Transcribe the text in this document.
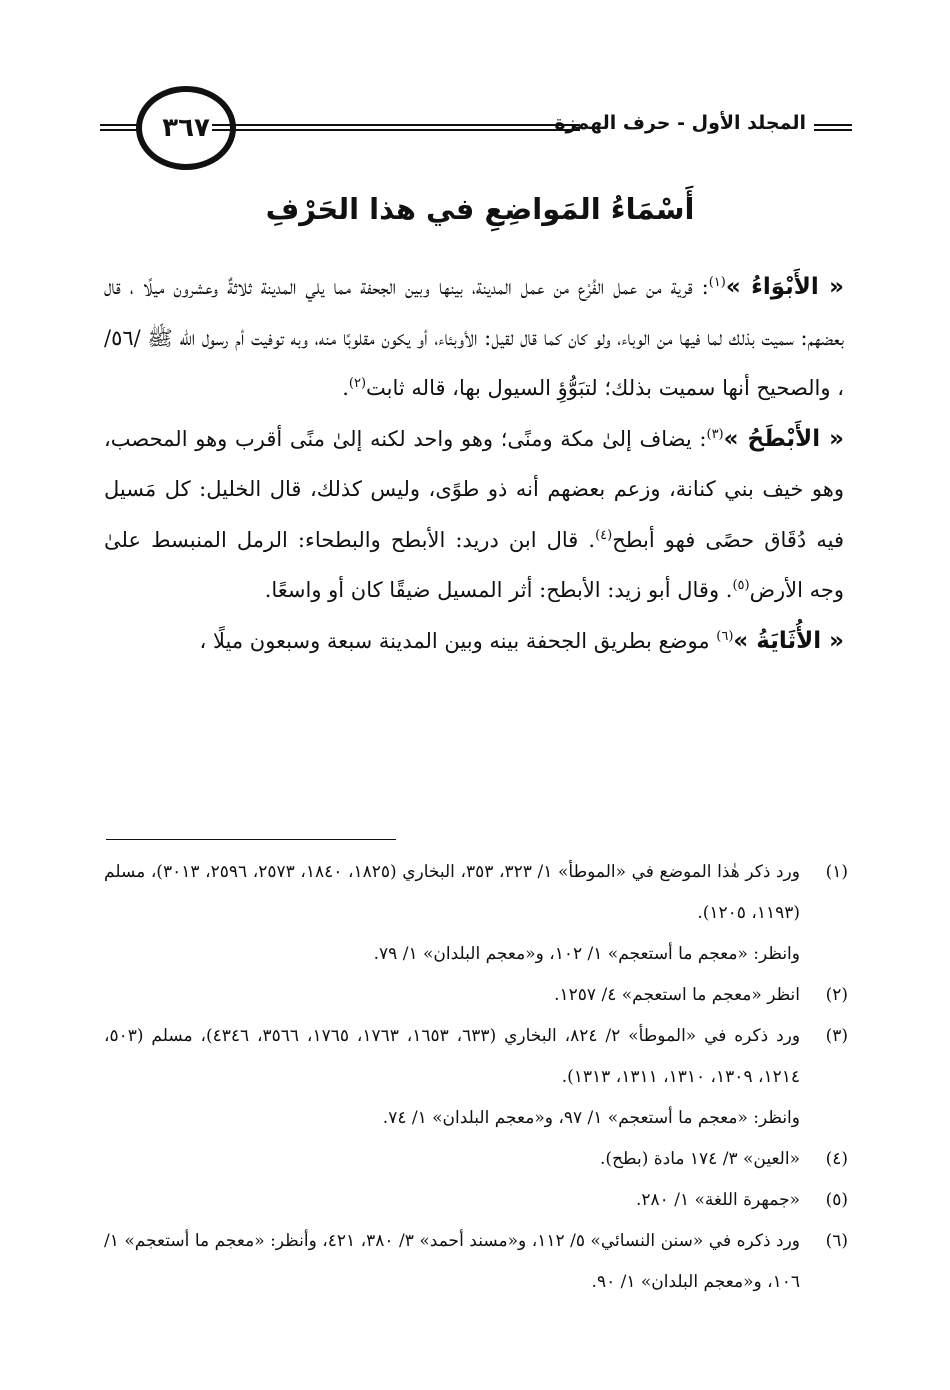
٣٦٧	المجلد الأول - حرف الهمزة
أَسْمَاءُ المَواضِعِ في هذا الحَرْفِ

« الأَبْوَاءُ »$^{(١)}$: قرية من عمل الفُرْع من عمل المدينة، بينها وبين الجحفة مما يلي المدينة ثلاثةٌ وعشرون ميلًا ، قال بعضهم: سميت بذلك لما فيها من الوباء، ولو كان كما قال لقيل: الأوبئاء، أو يكون مقلوبًا منه، وبه توفيت أم رسول الله ﷺ /٥٦/ ، والصحيح أنها سميت بذلك؛ لتبَوُّؤِ السيول بها، قاله ثابت$^{(٢)}$.

« الأَبْطَحُ »$^{(٣)}$: يضاف إلىٰ مكة ومنًى؛ وهو واحد لكنه إلىٰ منًى أقرب وهو المحصب، وهو خيف بني كنانة، وزعم بعضهم أنه ذو طوًى، وليس كذلك، قال الخليل: كل مَسيل فيه دُقَاق حصًى فهو أبطح$^{(٤)}$. قال ابن دريد: الأبطح والبطحاء: الرمل المنبسط علىٰ وجه الأرض$^{(٥)}$. وقال أبو زيد: الأبطح: أثر المسيل ضيقًا كان أو واسعًا.

« الأُثَايَةُ »$^{(٦)}$ موضع بطريق الجحفة بينه وبين المدينة سبعة وسبعون ميلًا ،

(١)
ورد ذكر هٰذا الموضع في «الموطأ» ١/ ٣٢٣، ٣٥٣، البخاري (١٨٢٥، ١٨٤٠، ٢٥٧٣، ٢٥٩٦، ٣٠١٣)، مسلم (١١٩٣، ١٢٠٥).
وانظر: «معجم ما أستعجم» ١/ ١٠٢، و«معجم البلدان» ١/ ٧٩.
(٢)
انظر «معجم ما استعجم» ٤/ ١٢٥٧.
(٣)
ورد ذكره في «الموطأ» ٢/ ٨٢٤، البخاري (٦٣٣، ١٦٥٣، ١٧٦٣، ١٧٦٥، ٣٥٦٦، ٤٣٤٦)، مسلم (٥٠٣، ١٢١٤، ١٣٠٩، ١٣١٠، ١٣١١، ١٣١٣).
وانظر: «معجم ما أستعجم» ١/ ٩٧، و«معجم البلدان» ١/ ٧٤.
(٤)
«العين» ٣/ ١٧٤ مادة (بطح).
(٥)
«جمهرة اللغة» ١/ ٢٨٠.
(٦)
ورد ذكره في «سنن النسائي» ٥/ ١١٢، و«مسند أحمد» ٣/ ٣٨٠، ٤٢١، وأنظر: «معجم ما أستعجم» ١/ ١٠٦، و«معجم البلدان» ١/ ٩٠.
